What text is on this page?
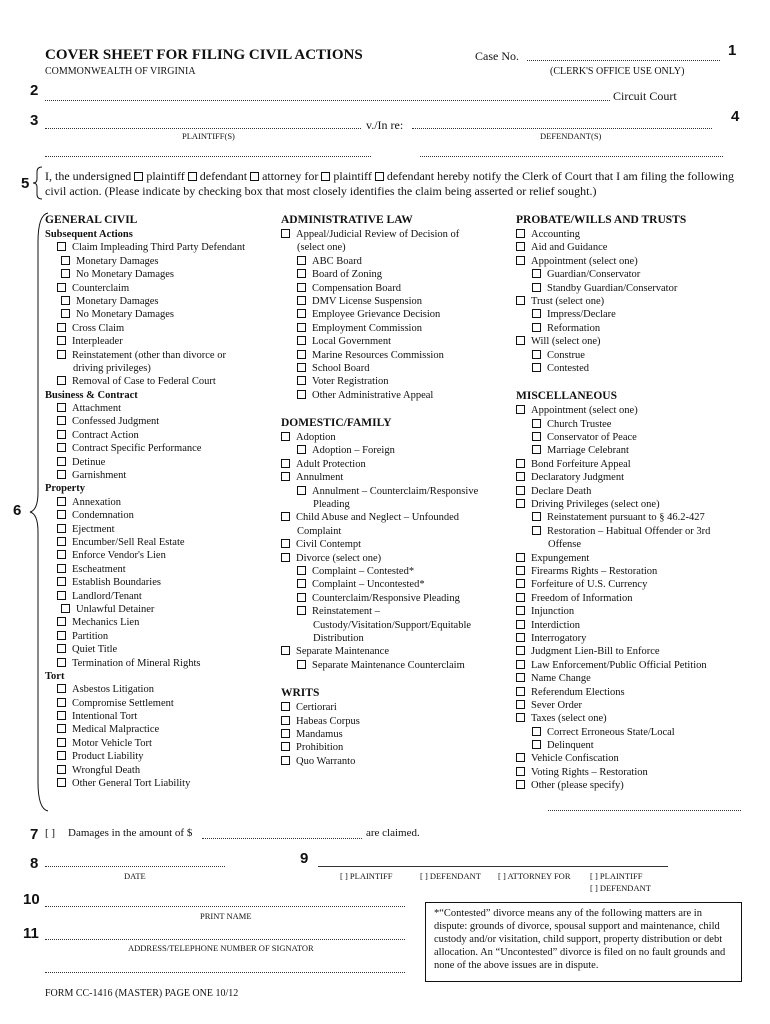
COVER SHEET FOR FILING CIVIL ACTIONS
COMMONWEALTH OF VIRGINIA
Case No.
(CLERK'S OFFICE USE ONLY)
1
2	Circuit Court
3	v./In re:	4
PLAINTIFF(S)	DEFENDANT(S)
5 I, the undersigned plaintiff defendant attorney for plaintiff defendant hereby notify the Clerk of Court that I am filing the following civil action. (Please indicate by checking box that most closely identifies the claim being asserted or relief sought.)
6
GENERAL CIVIL
Subsequent Actions
Claim Impleading Third Party Defendant
Monetary Damages
No Monetary Damages
Counterclaim
Monetary Damages
No Monetary Damages
Cross Claim
Interpleader
Reinstatement (other than divorce or
driving privileges)
Removal of Case to Federal Court
Business & Contract
Attachment
Confessed Judgment
Contract Action
Contract Specific Performance
Detinue
Garnishment
Property
Annexation
Condemnation
Ejectment
Encumber/Sell Real Estate
Enforce Vendor's Lien
Escheatment
Establish Boundaries
Landlord/Tenant
Unlawful Detainer
Mechanics Lien
Partition
Quiet Title
Termination of Mineral Rights
Tort
Asbestos Litigation
Compromise Settlement
Intentional Tort
Medical Malpractice
Motor Vehicle Tort
Product Liability
Wrongful Death
Other General Tort Liability
ADMINISTRATIVE LAW
Appeal/Judicial Review of Decision of
(select one)
ABC Board
Board of Zoning
Compensation Board
DMV License Suspension
Employee Grievance Decision
Employment Commission
Local Government
Marine Resources Commission
School Board
Voter Registration
Other Administrative Appeal
DOMESTIC/FAMILY
Adoption
Adoption – Foreign
Adult Protection
Annulment
Annulment – Counterclaim/Responsive
Pleading
Child Abuse and Neglect – Unfounded
Complaint
Civil Contempt
Divorce (select one)
Complaint – Contested*
Complaint – Uncontested*
Counterclaim/Responsive Pleading
Reinstatement –
Custody/Visitation/Support/Equitable
Distribution
Separate Maintenance
Separate Maintenance Counterclaim
WRITS
Certiorari
Habeas Corpus
Mandamus
Prohibition
Quo Warranto
PROBATE/WILLS AND TRUSTS
Accounting
Aid and Guidance
Appointment (select one)
Guardian/Conservator
Standby Guardian/Conservator
Trust (select one)
Impress/Declare
Reformation
Will (select one)
Construe
Contested
MISCELLANEOUS
Appointment (select one)
Church Trustee
Conservator of Peace
Marriage Celebrant
Bond Forfeiture Appeal
Declaratory Judgment
Declare Death
Driving Privileges (select one)
Reinstatement pursuant to § 46.2-427
Restoration – Habitual Offender or 3rd
Offense
Expungement
Firearms Rights – Restoration
Forfeiture of U.S. Currency
Freedom of Information
Injunction
Interdiction
Interrogatory
Judgment Lien-Bill to Enforce
Law Enforcement/Public Official Petition
Name Change
Referendum Elections
Sever Order
Taxes (select one)
Correct Erroneous State/Local
Delinquent
Vehicle Confiscation
Voting Rights – Restoration
Other (please specify)
7 [ ] Damages in the amount of $	are claimed.
8
DATE
9
[ ] PLAINTIFF	[ ] DEFENDANT [ ] ATTORNEY FOR [ ] PLAINTIFF
[ ] DEFENDANT
10
PRINT NAME
11
ADDRESS/TELEPHONE NUMBER OF SIGNATOR
*“Contested” divorce means any of the following matters are in dispute: grounds of divorce, spousal support and maintenance, child custody and/or visitation, child support, property distribution or debt allocation. An “Uncontested” divorce is filed on no fault grounds and none of the above issues are in dispute.
FORM CC-1416 (MASTER) PAGE ONE 10/12
